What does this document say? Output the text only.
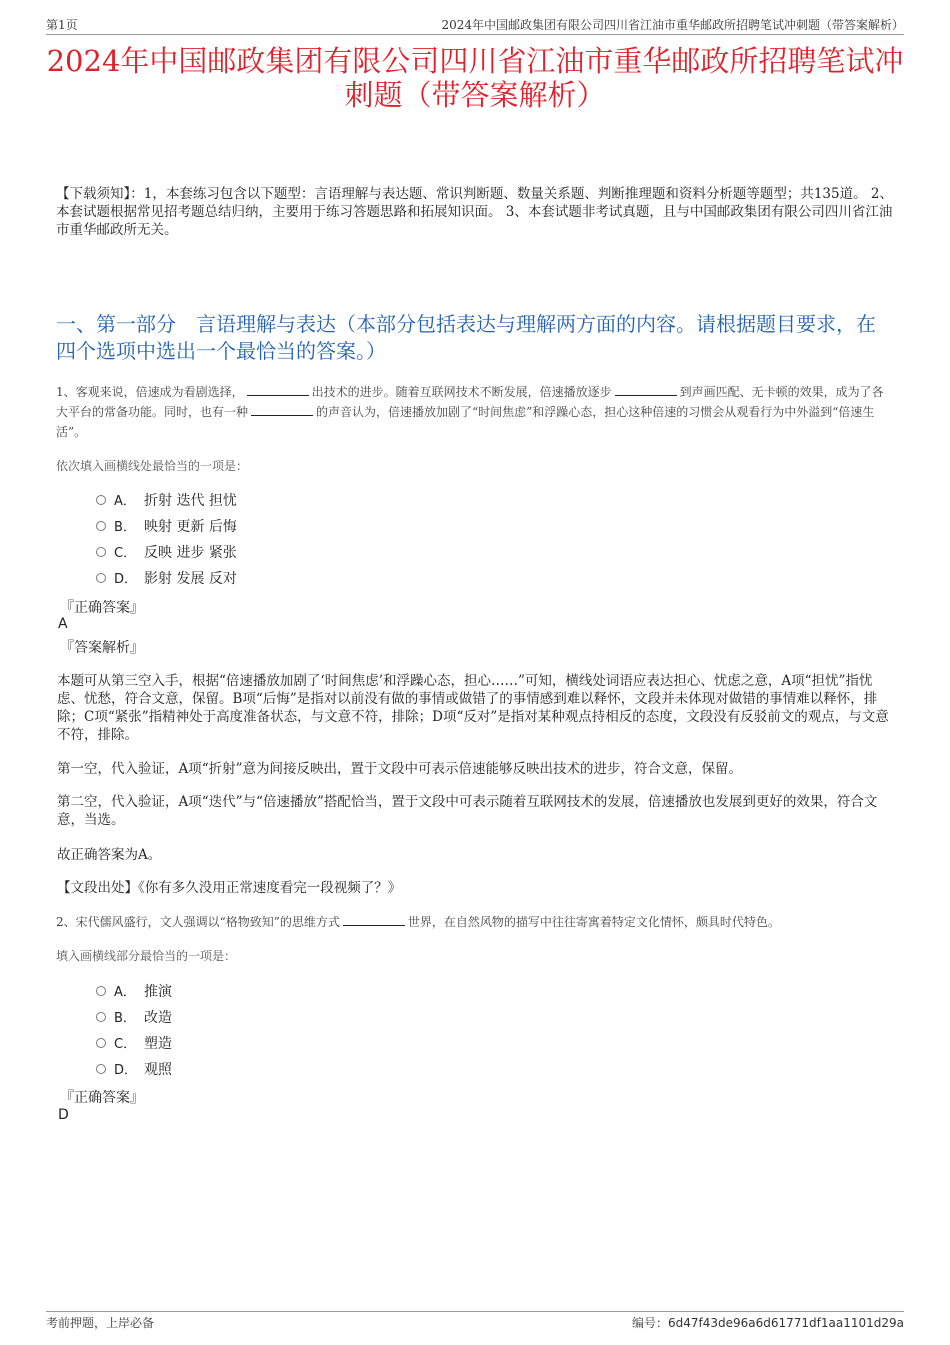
第1页	2024年中国邮政集团有限公司四川省江油市重华邮政所招聘笔试冲刺题（带答案解析）
2024年中国邮政集团有限公司四川省江油市重华邮政所招聘笔试冲刺题（带答案解析）
【下载须知】：1，本套练习包含以下题型：言语理解与表达题、常识判断题、数量关系题、判断推理题和资料分析题等题型；共135道。 2、本套试题根据常见招考题总结归纳，主要用于练习答题思路和拓展知识面。 3、本套试题非考试真题，且与中国邮政集团有限公司四川省江油市重华邮政所无关。
一、第一部分　言语理解与表达（本部分包括表达与理解两方面的内容。请根据题目要求，在四个选项中选出一个最恰当的答案。）
1、客观来说，倍速成为看剧选择，	出技术的进步。随着互联网技术不断发展，倍速播放逐步	到声画匹配、无卡顿的效果，成为了各大平台的常备功能。同时，也有一种	的声音认为，倍速播放加剧了“时间焦虑”和浮躁心态，担心这种倍速的习惯会从观看行为中外溢到“倍速生活”。
依次填入画横线处最恰当的一项是：
A． 折射 迭代 担忧
B． 映射 更新 后悔
C． 反映 进步 紧张
D． 影射 发展 反对
『正确答案』
A
『答案解析』
本题可从第三空入手，根据“倍速播放加剧了‘时间焦虑’和浮躁心态，担心……”可知，横线处词语应表达担心、忧虑之意，A项“担忧”指忧虑、忧愁，符合文意，保留。B项“后悔”是指对以前没有做的事情或做错了的事情感到难以释怀，文段并未体现对做错的事情难以释怀，排除；C项“紧张”指精神处于高度准备状态，与文意不符，排除；D项“反对”是指对某种观点持相反的态度，文段没有反驳前文的观点，与文意不符，排除。
第一空，代入验证，A项“折射”意为间接反映出，置于文段中可表示倍速能够反映出技术的进步，符合文意，保留。
第二空，代入验证，A项“迭代”与“倍速播放”搭配恰当，置于文段中可表示随着互联网技术的发展，倍速播放也发展到更好的效果，符合文意，当选。
故正确答案为A。
【文段出处】《你有多久没用正常速度看完一段视频了？》
2、宋代儒风盛行，文人强调以“格物致知”的思维方式	世界，在自然风物的描写中往往寄寓着特定文化情怀，颇具时代特色。
填入画横线部分最恰当的一项是：
A． 推演
B． 改造
C． 塑造
D． 观照
『正确答案』
D
考前押题，上岸必备	编号：6d47f43de96a6d61771df1aa1101d29a
